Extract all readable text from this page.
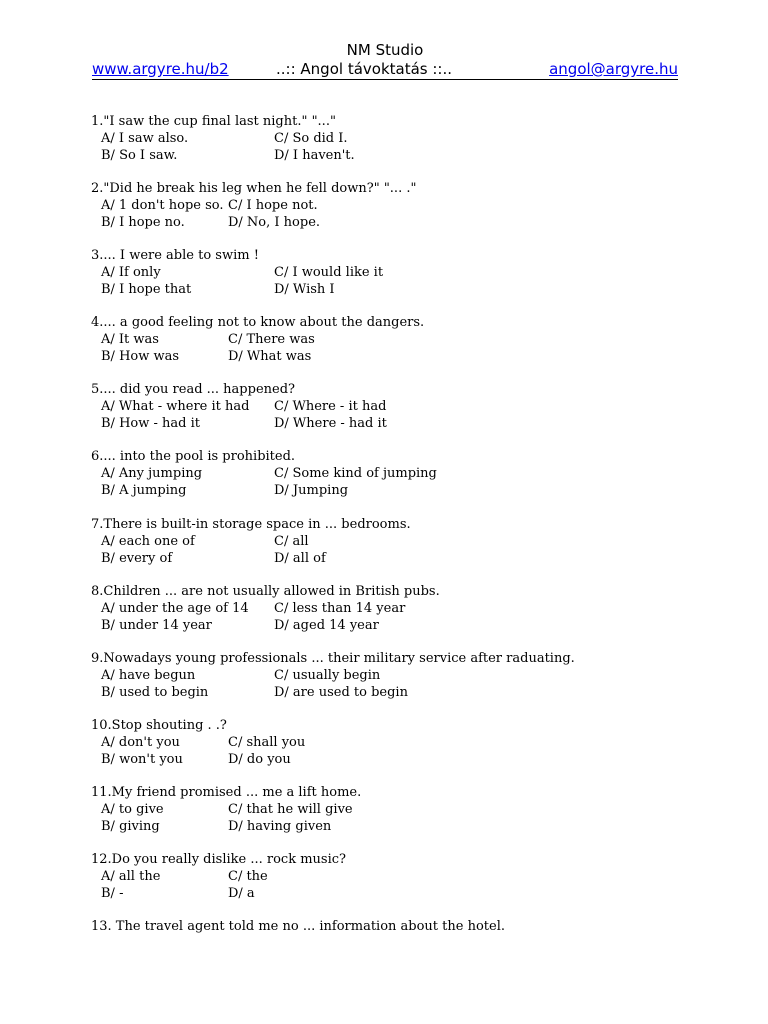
NM Studio
www.argyre.hu/b2	..:: Angol távoktatás ::..	angol@argyre.hu
1."I saw the cup final last night." "..."
A/ I saw also.	C/ So did I.
B/ So I saw.	D/ I haven't.
2."Did he break his leg when he fell down?" "... ."
A/ 1 don't hope so. C/ I hope not.
B/ I hope no.	D/ No, I hope.
3.... I were able to swim !
A/ If only	C/ I would like it
B/ I hope that	D/ Wish I
4.... a good feeling not to know about the dangers.
A/ It was	C/ There was
B/ How was	D/ What was
5.... did you read ... happened?
A/ What - where it had C/ Where - it had
B/ How - had it	D/ Where - had it
6.... into the pool is prohibited.
A/ Any jumping	C/ Some kind of jumping
B/ A jumping	D/ Jumping
7.There is built-in storage space in ... bedrooms.
A/ each one of	C/ all
B/ every of	D/ all of
8.Children ... are not usually allowed in British pubs.
A/ under the age of 14 C/ less than 14 year
B/ under 14 year	D/ aged 14 year
9.Nowadays young professionals ... their military service after raduating.
A/ have begun	C/ usually begin
B/ used to begin	D/ are used to begin
10.Stop shouting . .?
A/ don't you	C/ shall you
B/ won't you	D/ do you
11.My friend promised ... me a lift home.
A/ to give	C/ that he will give
B/ giving	D/ having given
12.Do you really dislike ... rock music?
A/ all the	C/ the
B/ -	D/ a
13. The travel agent told me no ... information about the hotel.
